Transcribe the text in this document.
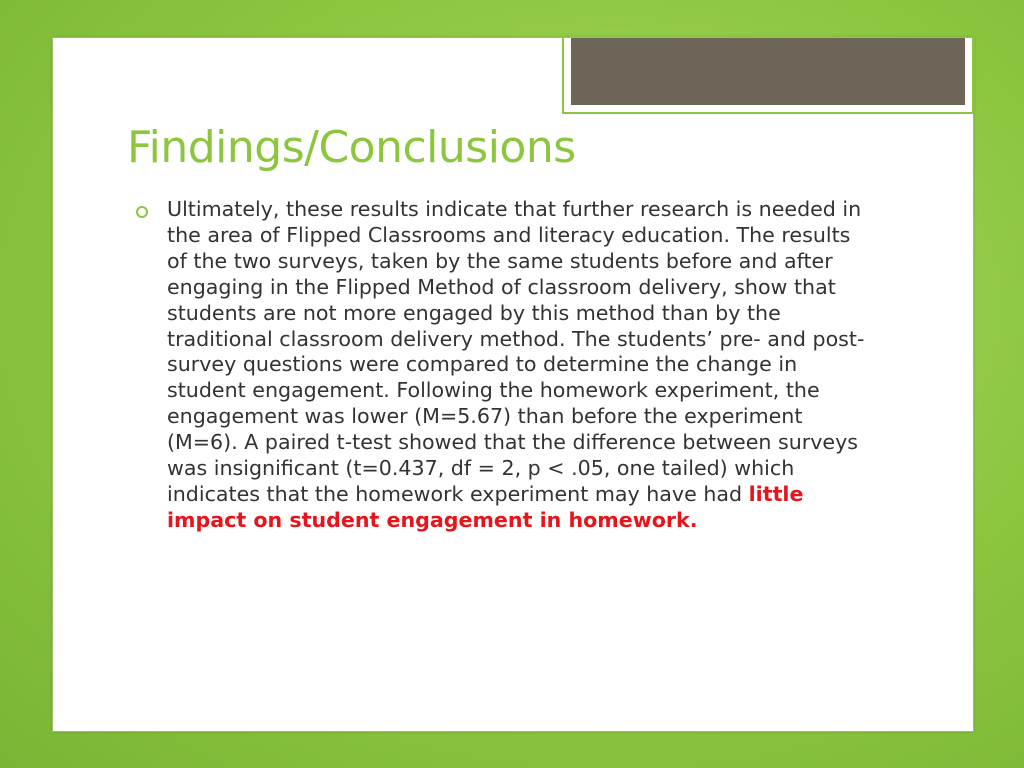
Findings/Conclusions

Ultimately, these results indicate that further research is needed in the area of Flipped Classrooms and literacy education. The results of the two surveys, taken by the same students before and after engaging in the Flipped Method of classroom delivery, show that students are not more engaged by this method than by the traditional classroom delivery method. The students’ pre- and post- survey questions were compared to determine the change in student engagement. Following the homework experiment, the engagement was lower (M=5.67) than before the experiment (M=6). A paired t-test showed that the difference between surveys was insignificant (t=0.437, df = 2, p < .05, one tailed) which indicates that the homework experiment may have had little impact on student engagement in homework.
